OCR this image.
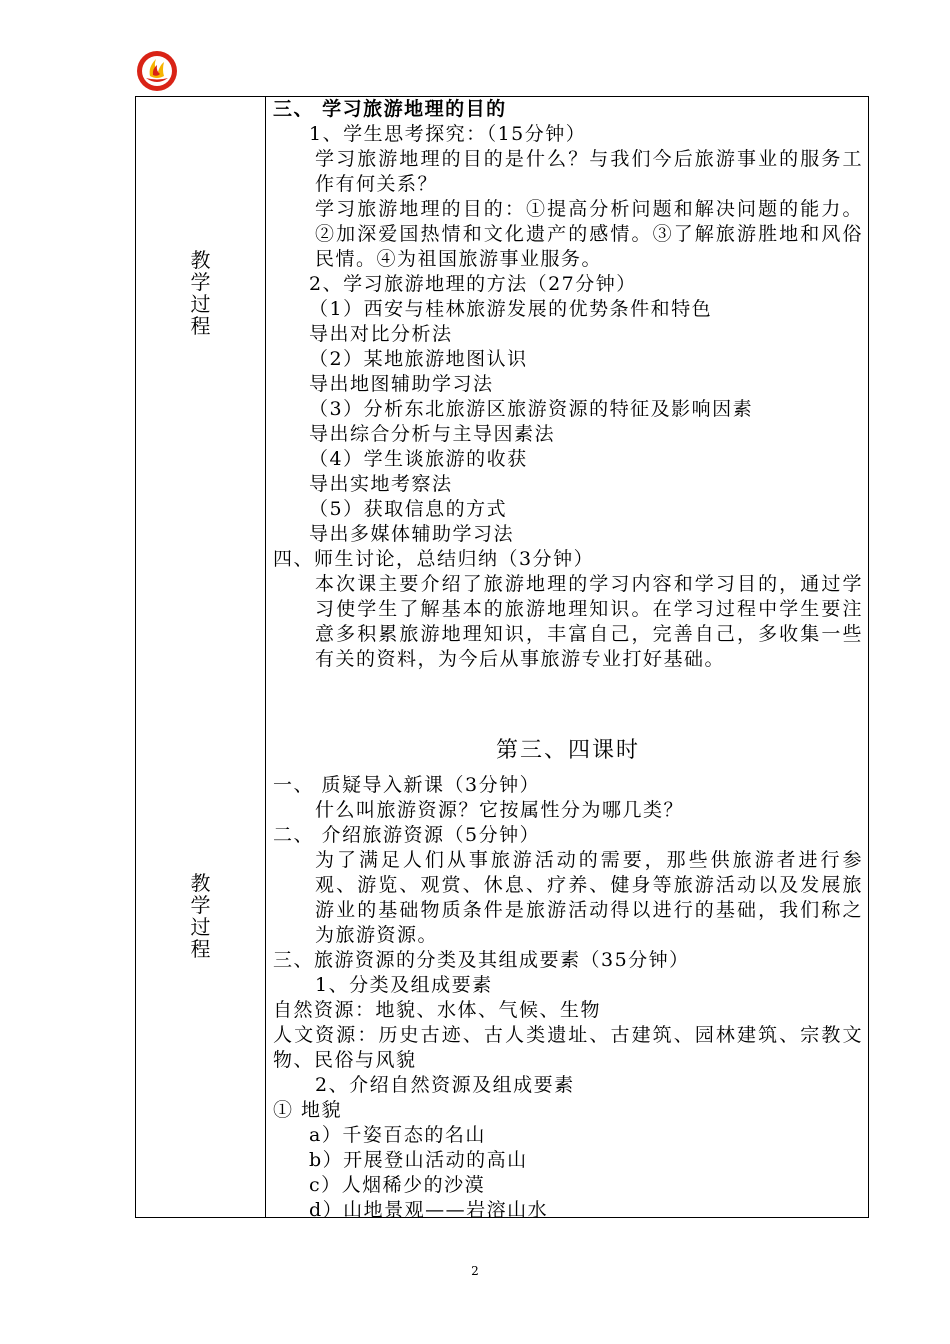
教
学
过
程
教
学
过
程

三、 学习旅游地理的目的

1、学生思考探究：（15分钟）

学习旅游地理的目的是什么？与我们今后旅游事业的服务工作有何关系？

学习旅游地理的目的：①提高分析问题和解决问题的能力。②加深爱国热情和文化遗产的感情。③了解旅游胜地和风俗民情。④为祖国旅游事业服务。

2、学习旅游地理的方法（27分钟）

（1）西安与桂林旅游发展的优势条件和特色

导出对比分析法

（2）某地旅游地图认识

导出地图辅助学习法

（3）分析东北旅游区旅游资源的特征及影响因素

导出综合分析与主导因素法

（4）学生谈旅游的收获

导出实地考察法

（5）获取信息的方式

导出多媒体辅助学习法

四、师生讨论，总结归纳（3分钟）

本次课主要介绍了旅游地理的学习内容和学习目的，通过学习使学生了解基本的旅游地理知识。在学习过程中学生要注意多积累旅游地理知识，丰富自己，完善自己，多收集一些有关的资料，为今后从事旅游专业打好基础。

第三、四课时

一、 质疑导入新课（3分钟）

什么叫旅游资源？它按属性分为哪几类？

二、 介绍旅游资源（5分钟）

为了满足人们从事旅游活动的需要，那些供旅游者进行参观、游览、观赏、休息、疗养、健身等旅游活动以及发展旅游业的基础物质条件是旅游活动得以进行的基础，我们称之为旅游资源。

三、旅游资源的分类及其组成要素（35分钟）

1、分类及组成要素

自然资源：地貌、水体、气候、生物

人文资源：历史古迹、古人类遗址、古建筑、园林建筑、宗教文物、民俗与风貌

2、介绍自然资源及组成要素

① 地貌

a）千姿百态的名山

b）开展登山活动的高山

c）人烟稀少的沙漠

d）山地景观——岩溶山水

2
